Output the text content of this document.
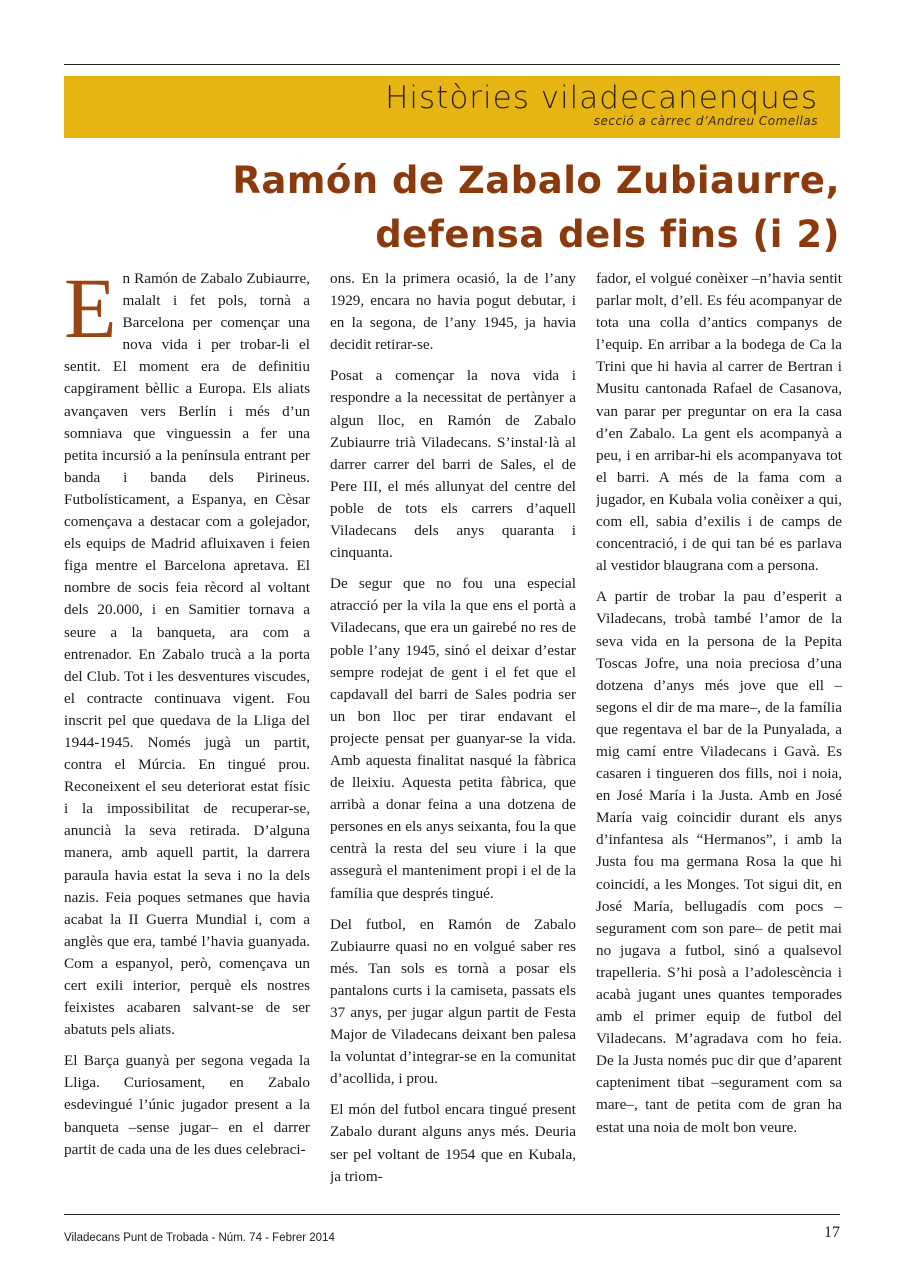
Històries viladecanenques
secció a càrrec d’Andreu Comellas
Ramón de Zabalo Zubiaurre,
defensa dels fins (i 2)

En Ramón de Zabalo Zubiaurre, malalt i fet pols, tornà a Barcelona per començar una nova vida i per trobar-li el sentit. El moment era de definitiu capgirament bèllic a Europa. Els aliats avançaven vers Berlín i més d’un somniava que vinguessin a fer una petita incursió a la península entrant per banda i banda dels Pirineus. Futbolísticament, a Espanya, en Cèsar començava a destacar com a golejador, els equips de Madrid afluixaven i feien figa mentre el Barcelona apretava. El nombre de socis feia rècord al voltant dels 20.000, i en Samitier tornava a seure a la banqueta, ara com a entrenador. En Zabalo trucà a la porta del Club. Tot i les desventures viscudes, el contracte continuava vigent. Fou inscrit pel que quedava de la Lliga del 1944-1945. Només jugà un partit, contra el Múrcia. En tingué prou. Reconeixent el seu deteriorat estat físic i la impossibilitat de recuperar-se, anuncià la seva retirada. D’alguna manera, amb aquell partit, la darrera paraula havia estat la seva i no la dels nazis. Feia poques setmanes que havia acabat la II Guerra Mundial i, com a anglès que era, també l’havia guanyada. Com a espanyol, però, començava un cert exili interior, perquè els nostres feixistes acabaren salvant-se de ser abatuts pels aliats.

El Barça guanyà per segona vegada la Lliga. Curiosament, en Zabalo esdevingué l’únic jugador present a la banqueta –sense jugar– en el darrer partit de cada una de les dues celebraci-

ons. En la primera ocasió, la de l’any 1929, encara no havia pogut debutar, i en la segona, de l’any 1945, ja havia decidit retirar-se.

Posat a començar la nova vida i respondre a la necessitat de pertànyer a algun lloc, en Ramón de Zabalo Zubiaurre trià Viladecans. S’instal·là al darrer carrer del barri de Sales, el de Pere III, el més allunyat del centre del poble de tots els carrers d’aquell Viladecans dels anys quaranta i cinquanta.

De segur que no fou una especial atracció per la vila la que ens el portà a Viladecans, que era un gairebé no res de poble l’any 1945, sinó el deixar d’estar sempre rodejat de gent i el fet que el capdavall del barri de Sales podria ser un bon lloc per tirar endavant el projecte pensat per guanyar-se la vida. Amb aquesta finalitat nasqué la fàbrica de lleixiu. Aquesta petita fàbrica, que arribà a donar feina a una dotzena de persones en els anys seixanta, fou la que centrà la resta del seu viure i la que assegurà el manteniment propi i el de la família que després tingué.

Del futbol, en Ramón de Zabalo Zubiaurre quasi no en volgué saber res més. Tan sols es tornà a posar els pantalons curts i la camiseta, passats els 37 anys, per jugar algun partit de Festa Major de Viladecans deixant ben palesa la voluntat d’integrar-se en la comunitat d’acollida, i prou.

El món del futbol encara tingué present Zabalo durant alguns anys més. Deuria ser pel voltant de 1954 que en Kubala, ja triom-

fador, el volgué conèixer –n’havia sentit parlar molt, d’ell. Es féu acompanyar de tota una colla d’antics companys de l’equip. En arribar a la bodega de Ca la Trini que hi havia al carrer de Bertran i Musitu cantonada Rafael de Casanova, van parar per preguntar on era la casa d’en Zabalo. La gent els acompanyà a peu, i en arribar-hi els acompanyava tot el barri. A més de la fama com a jugador, en Kubala volia conèixer a qui, com ell, sabia d’exilis i de camps de concentració, i de qui tan bé es parlava al vestidor blaugrana com a persona.

A partir de trobar la pau d’esperit a Viladecans, trobà també l’amor de la seva vida en la persona de la Pepita Toscas Jofre, una noia preciosa d’una dotzena d’anys més jove que ell –segons el dir de ma mare–, de la família que regentava el bar de la Punyalada, a mig camí entre Viladecans i Gavà. Es casaren i tingueren dos fills, noi i noia, en José María i la Justa. Amb en José María vaig coincidir durant els anys d’infantesa als “Hermanos”, i amb la Justa fou ma germana Rosa la que hi coincidí, a les Monges. Tot sigui dit, en José María, bellugadís com pocs –segurament com son pare– de petit mai no jugava a futbol, sinó a qualsevol trapelleria. S’hi posà a l’adolescència i acabà jugant unes quantes temporades amb el primer equip de futbol del Viladecans. M’agradava com ho feia. De la Justa només puc dir que d’aparent capteniment tibat –segurament com sa mare–, tant de petita com de gran ha estat una noia de molt bon veure.

Viladecans Punt de Trobada - Núm. 74 - Febrer 2014	17
